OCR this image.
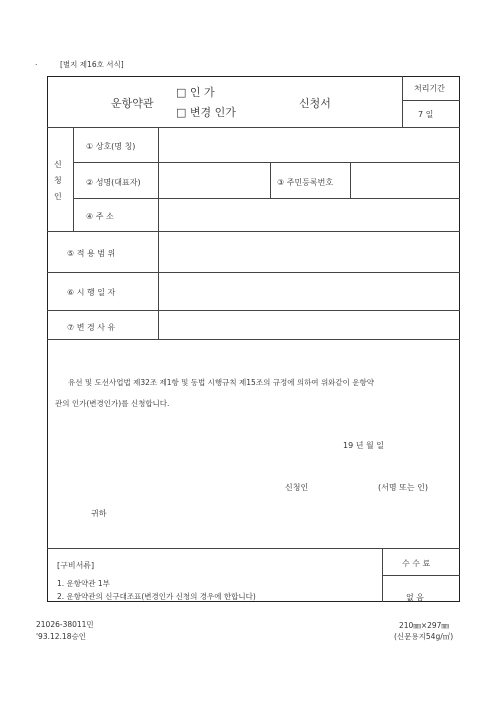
.	[별지 제16호 서식]
운항약관
□ 인 가
□ 변경 인가
신청서
처리기간
7 일
신
청
인
① 상호(명 칭)
② 성명(대표자)	③ 주민등록번호
④ 주 소
⑤ 적 용 범 위
⑥ 시 행 일 자
⑦ 변 경 사 유
유선 및 도선사업법 제32조 제1항 및 동법 시행규칙 제15조의 규정에 의하여 위와같이 운항약
관의 인가(변경인가)를 신청합니다.
19 년 월 일
신청인	(서명 또는 인)
귀하
[구비서류]
1. 운항약관 1부
2. 운항약관의 신구대조표(변경인가 신청의 경우에 한합니다)
수 수 료
없 음
21026-38011민
'93.12.18승인
210㎜×297㎜
(신문용지54g/㎡)
